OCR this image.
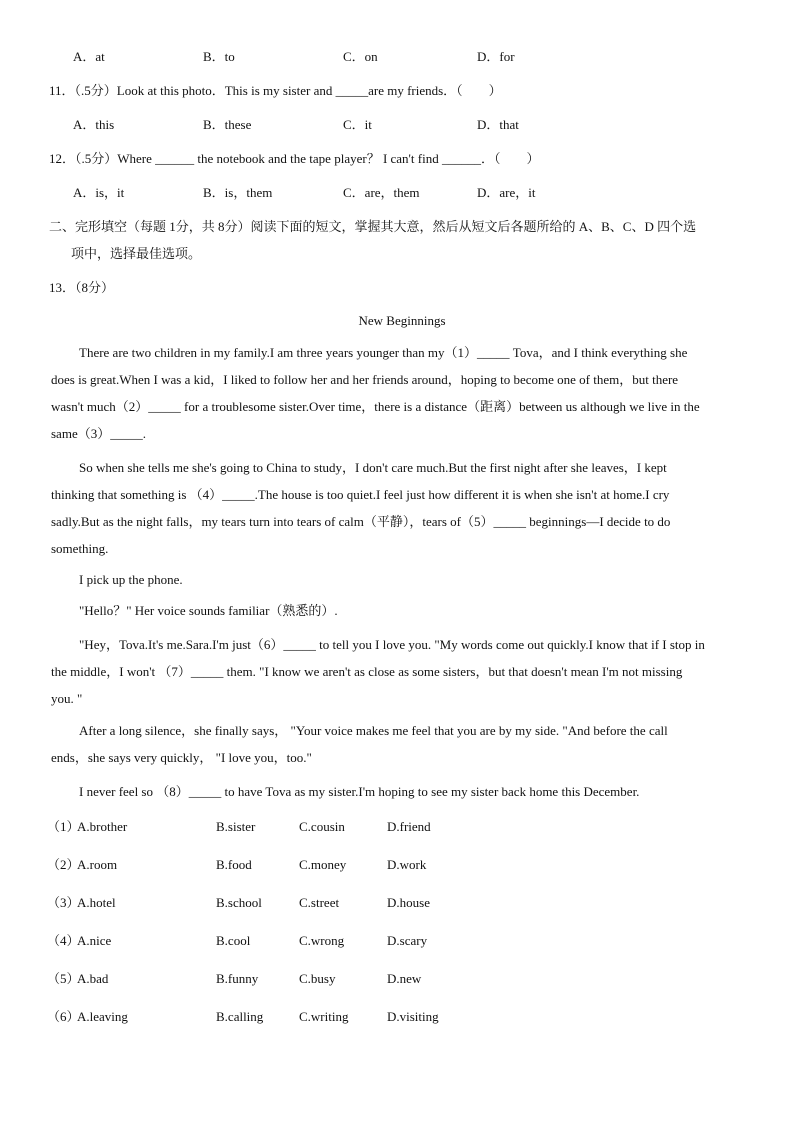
A．at	B．to	C．on	D．for
11．（.5分）Look at this photo．This is my sister and _____are my friends．（　　）
A．this	B．these	C．it	D．that
12．（.5分）Where ______ the notebook and the tape player？ I can't find ______．（　　）
A．is，it	B．is，them	C．are，them	D．are，it
二、完形填空（每题 1分，共 8分）阅读下面的短文，掌握其大意，然后从短文后各题所给的 A、B、C、D 四个选
项中，选择最佳选项。
13．（8分）
New Beginnings
There are two children in my family.I am three years younger than my（1）_____ Tova，and I think everything she
does is great.When I was a kid，I liked to follow her and her friends around，hoping to become one of them，but there
wasn't much（2）_____ for a troublesome sister.Over time，there is a distance（距离）between us although we live in the
same（3）_____.
So when she tells me she's going to China to study，I don't care much.But the first night after she leaves，I kept
thinking that something is （4）_____.The house is too quiet.I feel just how different it is when she isn't at home.I cry
sadly.But as the night falls，my tears turn into tears of calm（平静），tears of（5）_____ beginnings—I decide to do
something.
I pick up the phone.
"Hello？" Her voice sounds familiar（熟悉的）.
"Hey，Tova.It's me.Sara.I'm just（6）_____ to tell you I love you. "My words come out quickly.I know that if I stop in
the middle，I won't （7）_____ them. "I know we aren't as close as some sisters，but that doesn't mean I'm not missing
you. "
After a long silence，she finally says， "Your voice makes me feel that you are by my side. "And before the call
ends，she says very quickly， "I love you，too."
I never feel so （8）_____ to have Tova as my sister.I'm hoping to see my sister back home this December.
（1）
A.brother	B.sister	C.cousin	D.friend
（2）
A.room	B.food	C.money	D.work
（3）
A.hotel	B.school	C.street	D.house
（4）
A.nice	B.cool	C.wrong	D.scary
（5）
A.bad	B.funny	C.busy	D.new
（6）
A.leaving	B.calling	C.writing	D.visiting
